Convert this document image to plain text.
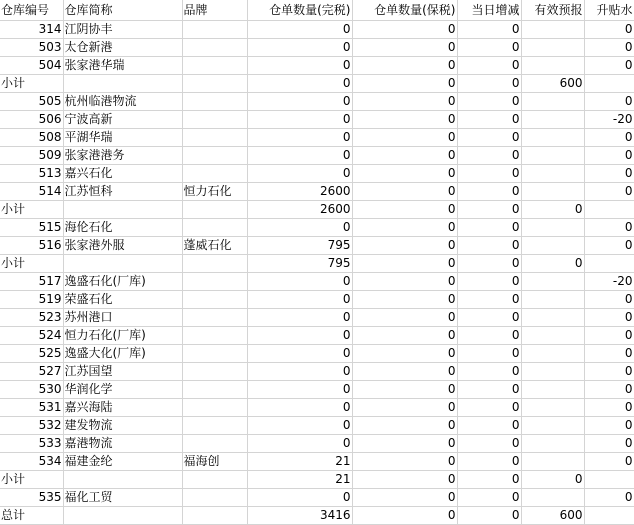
仓库编号	仓库简称	品牌	仓单数量(完税)	仓单数量(保税)	当日增减	有效预报	升贴水
314	江阴协丰		0	0	0		0
503	太仓新港		0	0	0		0
504	张家港华瑞		0	0	0		0
小计			0	0	0	600	
505	杭州临港物流		0	0	0		0
506	宁波高新		0	0	0		-20
508	平湖华瑞		0	0	0		0
509	张家港港务		0	0	0		0
513	嘉兴石化		0	0	0		0
514	江苏恒科	恒力石化	2600	0	0		0
小计			2600	0	0	0	
515	海伦石化		0	0	0		0
516	张家港外服	蓬威石化	795	0	0		0
小计			795	0	0	0	
517	逸盛石化(厂库)		0	0	0		-20
519	荣盛石化		0	0	0		0
523	苏州港口		0	0	0		0
524	恒力石化(厂库)		0	0	0		0
525	逸盛大化(厂库)		0	0	0		0
527	江苏国望		0	0	0		0
530	华润化学		0	0	0		0
531	嘉兴海陆		0	0	0		0
532	建发物流		0	0	0		0
533	嘉港物流		0	0	0		0
534	福建金纶	福海创	21	0	0		0
小计			21	0	0	0	
535	福化工贸		0	0	0		0
总计			3416	0	0	600	
